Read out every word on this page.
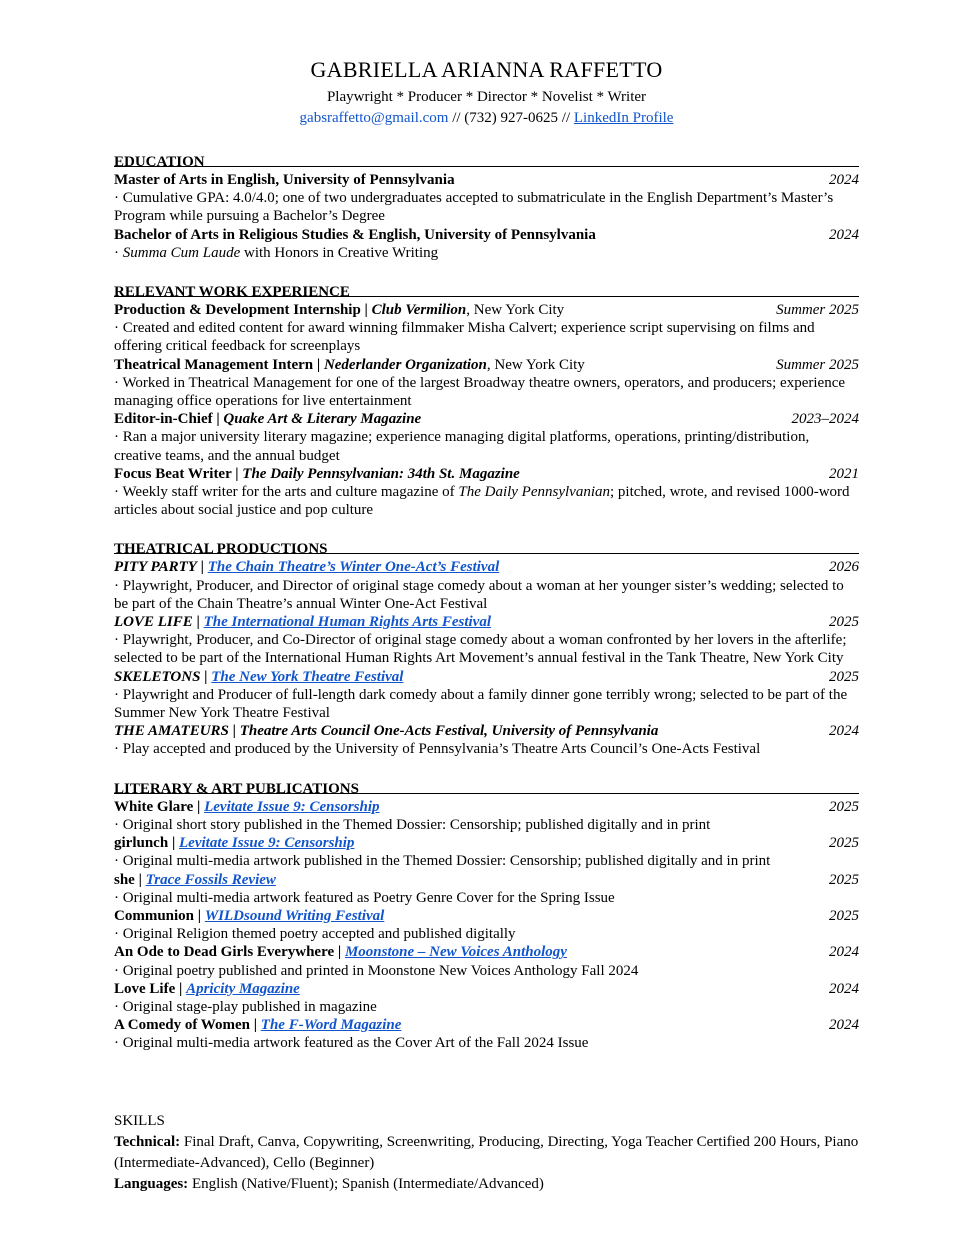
GABRIELLA ARIANNA RAFFETTO
Playwright * Producer * Director * Novelist * Writer
gabsraffetto@gmail.com // (732) 927-0625 // LinkedIn Profile
EDUCATION
Master of Arts in English, University of Pennsylvania	2024
· Cumulative GPA: 4.0/4.0; one of two undergraduates accepted to submatriculate in the English Department’s Master’s Program while pursuing a Bachelor’s Degree
Bachelor of Arts in Religious Studies & English, University of Pennsylvania	2024
· Summa Cum Laude with Honors in Creative Writing
RELEVANT WORK EXPERIENCE
Production & Development Internship | Club Vermilion, New York City	Summer 2025
· Created and edited content for award winning filmmaker Misha Calvert; experience script supervising on films and offering critical feedback for screenplays
Theatrical Management Intern | Nederlander Organization, New York City	Summer 2025
· Worked in Theatrical Management for one of the largest Broadway theatre owners, operators, and producers; experience managing office operations for live entertainment
Editor-in-Chief | Quake Art & Literary Magazine	2023–2024
· Ran a major university literary magazine; experience managing digital platforms, operations, printing/distribution, creative teams, and the annual budget
Focus Beat Writer | The Daily Pennsylvanian: 34th St. Magazine	2021
· Weekly staff writer for the arts and culture magazine of The Daily Pennsylvanian; pitched, wrote, and revised 1000-word articles about social justice and pop culture
THEATRICAL PRODUCTIONS
PITY PARTY | The Chain Theatre’s Winter One-Act’s Festival	2026
· Playwright, Producer, and Director of original stage comedy about a woman at her younger sister’s wedding; selected to be part of the Chain Theatre’s annual Winter One-Act Festival
LOVE LIFE | The International Human Rights Arts Festival	2025
· Playwright, Producer, and Co-Director of original stage comedy about a woman confronted by her lovers in the afterlife; selected to be part of the International Human Rights Art Movement’s annual festival in the Tank Theatre, New York City
SKELETONS | The New York Theatre Festival	2025
· Playwright and Producer of full-length dark comedy about a family dinner gone terribly wrong; selected to be part of the Summer New York Theatre Festival
THE AMATEURS | Theatre Arts Council One-Acts Festival, University of Pennsylvania	2024
· Play accepted and produced by the University of Pennsylvania’s Theatre Arts Council’s One-Acts Festival
LITERARY & ART PUBLICATIONS
White Glare | Levitate Issue 9: Censorship	2025
· Original short story published in the Themed Dossier: Censorship; published digitally and in print
girlunch | Levitate Issue 9: Censorship	2025
· Original multi-media artwork published in the Themed Dossier: Censorship; published digitally and in print
she | Trace Fossils Review	2025
· Original multi-media artwork featured as Poetry Genre Cover for the Spring Issue
Communion | WILDsound Writing Festival	2025
· Original Religion themed poetry accepted and published digitally
An Ode to Dead Girls Everywhere | Moonstone – New Voices Anthology	2024
· Original poetry published and printed in Moonstone New Voices Anthology Fall 2024
Love Life | Apricity Magazine	2024
· Original stage-play published in magazine
A Comedy of Women | The F-Word Magazine	2024
· Original multi-media artwork featured as the Cover Art of the Fall 2024 Issue
SKILLS
Technical: Final Draft, Canva, Copywriting, Screenwriting, Producing, Directing, Yoga Teacher Certified 200 Hours, Piano (Intermediate-Advanced), Cello (Beginner)
Languages: English (Native/Fluent); Spanish (Intermediate/Advanced)
